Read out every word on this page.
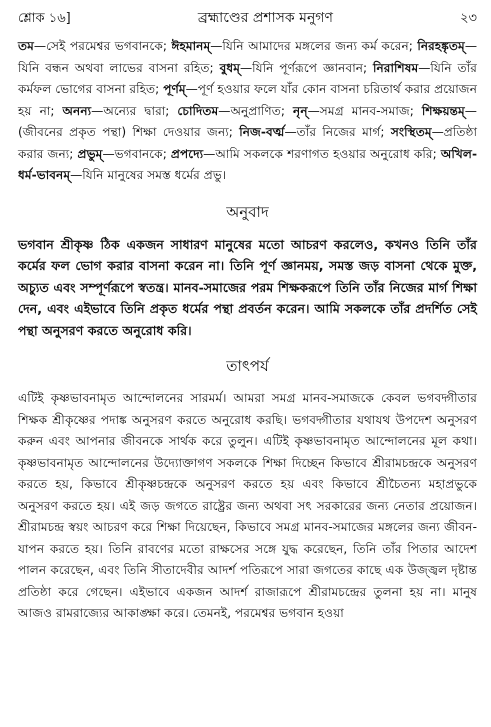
শ্লোক ১৬]	ব্রহ্মাণ্ডের প্রশাসক মনুগণ	২৩

তম—সেই পরমেশ্বর ভগবানকে; ঈহমানম্—যিনি আমাদের মঙ্গলের জন্য কর্ম করেন; নিরহঙ্কৃতম্—যিনি বন্ধন অথবা লাভের বাসনা রহিত; বুধম্—যিনি পূর্ণরূপে জ্ঞানবান; নিরাশিষম—যিনি তাঁর কর্মফল ভোগের বাসনা রহিত; পূর্ণম্—পূর্ণ হওয়ার ফলে যাঁর কোন বাসনা চরিতার্থ করার প্রয়োজন হয় না; অনন্য—অন্যের দ্বারা; চোদিতম—অনুপ্রাণিত; নৃন্—সমগ্র মানব-সমাজ; শিক্ষয়ন্তম্—(জীবনের প্রকৃত পন্থা) শিক্ষা দেওয়ার জন্য; নিজ-বর্ত্ম—তাঁর নিজের মার্গ; সংস্থিতম্—প্রতিষ্ঠা করার জন্য; প্রভুম্—ভগবানকে; প্রপদ্যে—আমি সকলকে শরণাগত হওয়ার অনুরোধ করি; অখিল-ধর্ম-ভাবনম্—যিনি মানুষের সমস্ত ধর্মের প্রভু।

অনুবাদ
ভগবান শ্রীকৃষ্ণ ঠিক একজন সাধারণ মানুষের মতো আচরণ করলেও, কখনও তিনি তাঁর কর্মের ফল ভোগ করার বাসনা করেন না। তিনি পূর্ণ জ্ঞানময়, সমস্ত জড় বাসনা থেকে মুক্ত, অচ্যুত এবং সম্পূর্ণরূপে স্বতন্ত্র। মানব-সমাজের পরম শিক্ষকরূপে তিনি তাঁর নিজের মার্গ শিক্ষা দেন, এবং এইভাবে তিনি প্রকৃত ধর্মের পন্থা প্রবর্তন করেন। আমি সকলকে তাঁর প্রদর্শিত সেই পন্থা অনুসরণ করতে অনুরোধ করি।
তাৎপর্য
এটিই কৃষ্ণভাবনামৃত আন্দোলনের সারমর্ম। আমরা সমগ্র মানব-সমাজকে কেবল ভগবদ্গীতার শিক্ষক শ্রীকৃষ্ণের পদাঙ্ক অনুসরণ করতে অনুরোধ করছি। ভগবদ্গীতার যথাযথ উপদেশ অনুসরণ করুন এবং আপনার জীবনকে সার্থক করে তুলুন। এটিই কৃষ্ণভাবনামৃত আন্দোলনের মূল কথা। কৃষ্ণভাবনামৃত আন্দোলনের উদ্যোক্তাগণ সকলকে শিক্ষা দিচ্ছেন কিভাবে শ্রীরামচন্দ্রকে অনুসরণ করতে হয়, কিভাবে শ্রীকৃষ্ণচন্দ্রকে অনুসরণ করতে হয় এবং কিভাবে শ্রীচৈতন্য মহাপ্রভুকে অনুসরণ করতে হয়। এই জড় জগতে রাষ্ট্রের জন্য অথবা সৎ সরকারের জন্য নেতার প্রয়োজন। শ্রীরামচন্দ্র স্বয়ং আচরণ করে শিক্ষা দিয়েছেন, কিভাবে সমগ্র মানব-সমাজের মঙ্গলের জন্য জীবন-যাপন করতে হয়। তিনি রাবণের মতো রাক্ষসের সঙ্গে যুদ্ধ করেছেন, তিনি তাঁর পিতার আদেশ পালন করেছেন, এবং তিনি সীতাদেবীর আদর্শ পতিরূপে সারা জগতের কাছে এক উজ্জ্বল দৃষ্টান্ত প্রতিষ্ঠা করে গেছেন। এইভাবে একজন আদর্শ রাজারূপে শ্রীরামচন্দ্রের তুলনা হয় না। মানুষ আজও রামরাজ্যের আকাঙ্ক্ষা করে। তেমনই, পরমেশ্বর ভগবান হওয়া
